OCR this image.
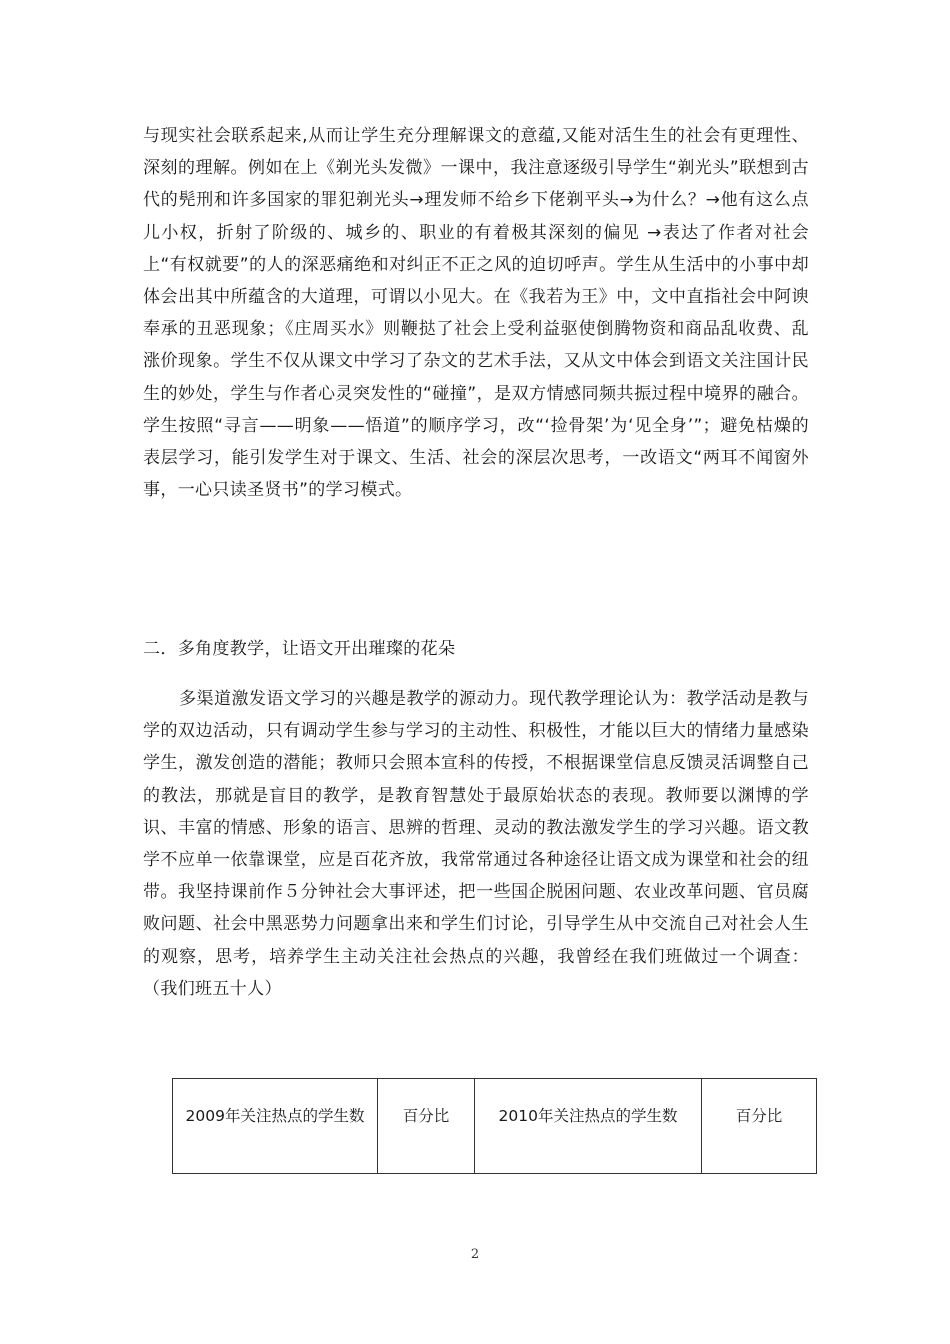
与现实社会联系起来,从而让学生充分理解课文的意蕴,又能对活生生的社会有更理性、深刻的理解。例如在上《剃光头发微》一课中，我注意逐级引导学生“剃光头”联想到古代的髡刑和许多国家的罪犯剃光头→理发师不给乡下佬剃平头→为什么？→他有这么点儿小权，折射了阶级的、城乡的、职业的有着极其深刻的偏见 →表达了作者对社会上“有权就要”的人的深恶痛绝和对纠正不正之风的迫切呼声。学生从生活中的小事中却体会出其中所蕴含的大道理，可谓以小见大。在《我若为王》中，文中直指社会中阿谀奉承的丑恶现象；《庄周买水》则鞭挞了社会上受利益驱使倒腾物资和商品乱收费、乱涨价现象。学生不仅从课文中学习了杂文的艺术手法，又从文中体会到语文关注国计民生的妙处，学生与作者心灵突发性的“碰撞”，是双方情感同频共振过程中境界的融合。学生按照“寻言——明象——悟道”的顺序学习，改“‘捡骨架’为‘见全身’”；避免枯燥的表层学习，能引发学生对于课文、生活、社会的深层次思考，一改语文“两耳不闻窗外事，一心只读圣贤书”的学习模式。

二．多角度教学，让语文开出璀璨的花朵

多渠道激发语文学习的兴趣是教学的源动力。现代教学理论认为：教学活动是教与学的双边活动，只有调动学生参与学习的主动性、积极性，才能以巨大的情绪力量感染学生，激发创造的潜能；教师只会照本宣科的传授，不根据课堂信息反馈灵活调整自己的教法，那就是盲目的教学，是教育智慧处于最原始状态的表现。教师要以渊博的学识、丰富的情感、形象的语言、思辨的哲理、灵动的教法激发学生的学习兴趣。语文教学不应单一依靠课堂，应是百花齐放，我常常通过各种途径让语文成为课堂和社会的纽带。我坚持课前作５分钟社会大事评述，把一些国企脱困问题、农业改革问题、官员腐败问题、社会中黑恶势力问题拿出来和学生们讨论，引导学生从中交流自己对社会人生的观察，思考，培养学生主动关注社会热点的兴趣，我曾经在我们班做过一个调查：（我们班五十人）

2009年关注热点的学生数	百分比	2010年关注热点的学生数	百分比
2
